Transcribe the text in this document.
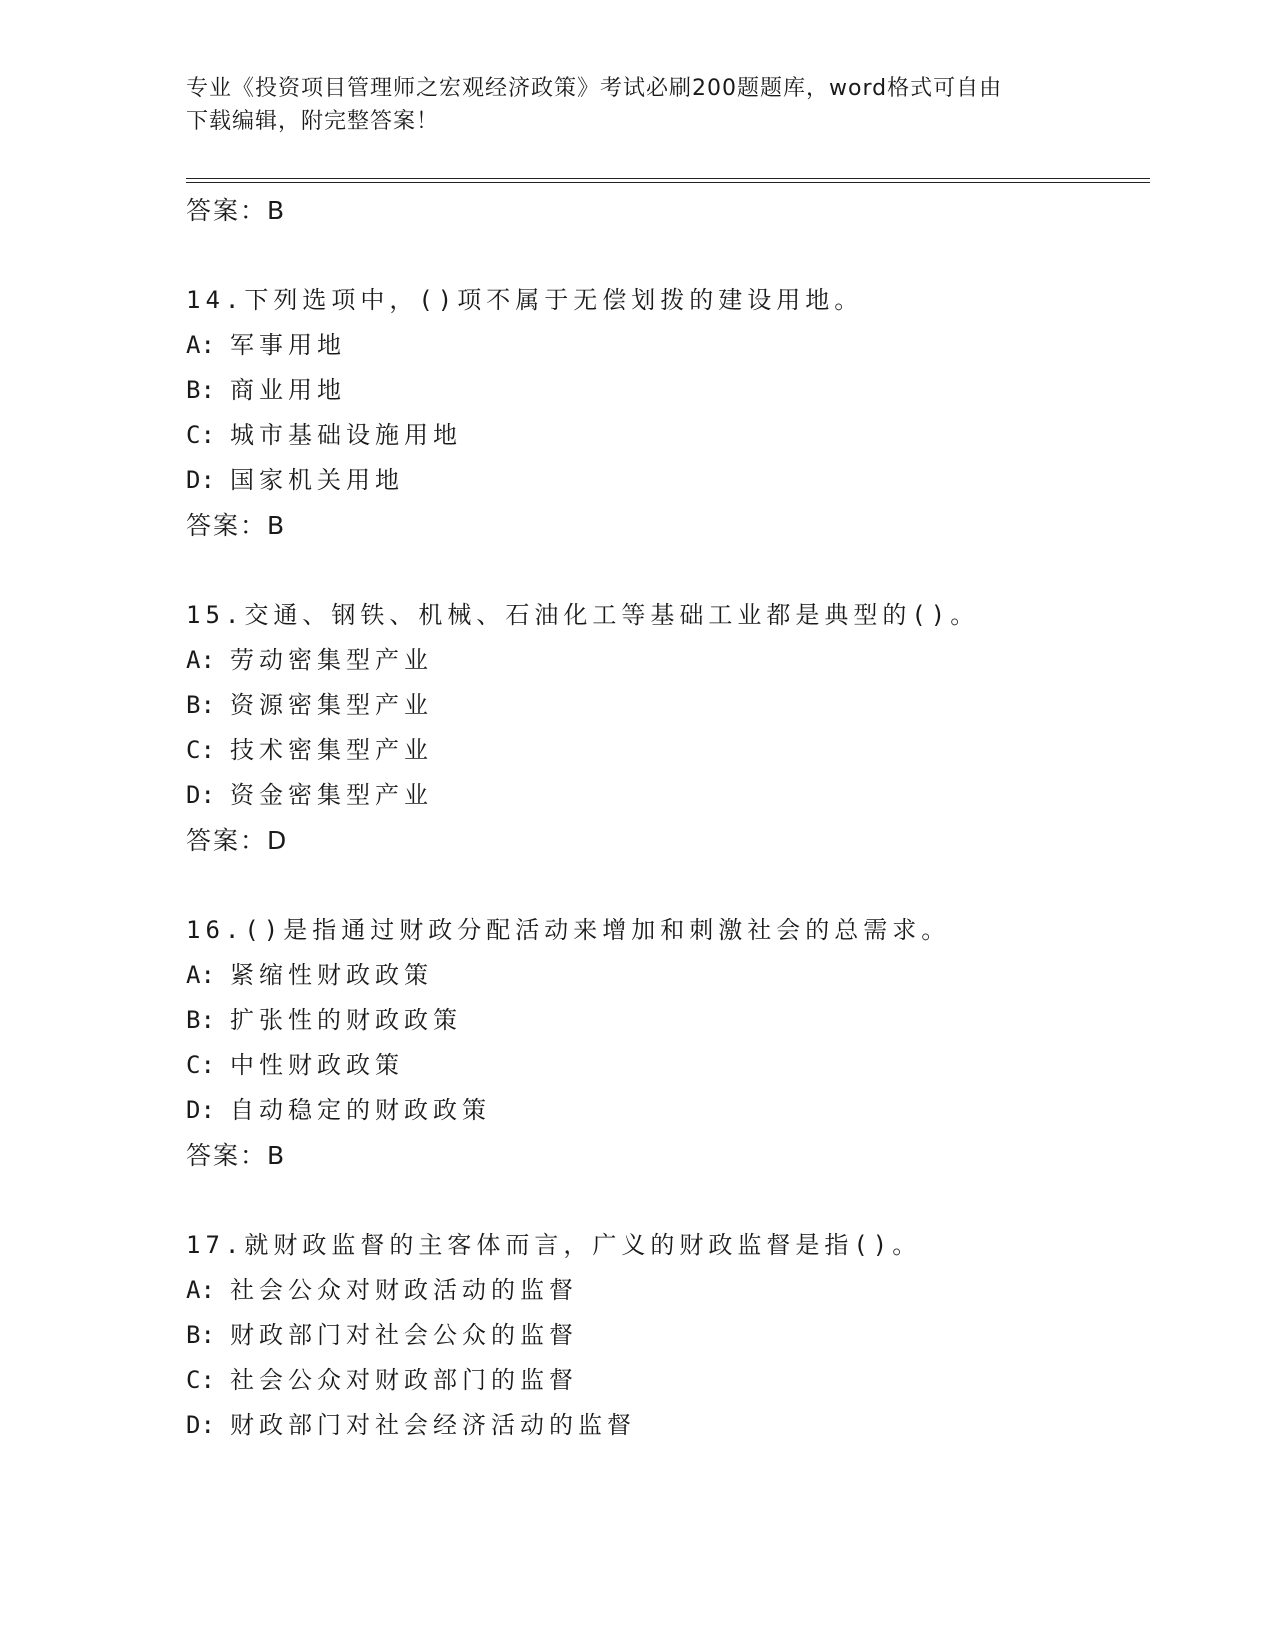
专业《投资项目管理师之宏观经济政策》考试必刷200题题库，word格式可自由
下载编辑，附完整答案！
答案：B
14.下列选项中，()项不属于无偿划拨的建设用地。
A: 军事用地
B: 商业用地
C: 城市基础设施用地
D: 国家机关用地
答案：B
15.交通、钢铁、机械、石油化工等基础工业都是典型的()。
A: 劳动密集型产业
B: 资源密集型产业
C: 技术密集型产业
D: 资金密集型产业
答案：D
16.()是指通过财政分配活动来增加和刺激社会的总需求。
A: 紧缩性财政政策
B: 扩张性的财政政策
C: 中性财政政策
D: 自动稳定的财政政策
答案：B
17.就财政监督的主客体而言，广义的财政监督是指()。
A: 社会公众对财政活动的监督
B: 财政部门对社会公众的监督
C: 社会公众对财政部门的监督
D: 财政部门对社会经济活动的监督
